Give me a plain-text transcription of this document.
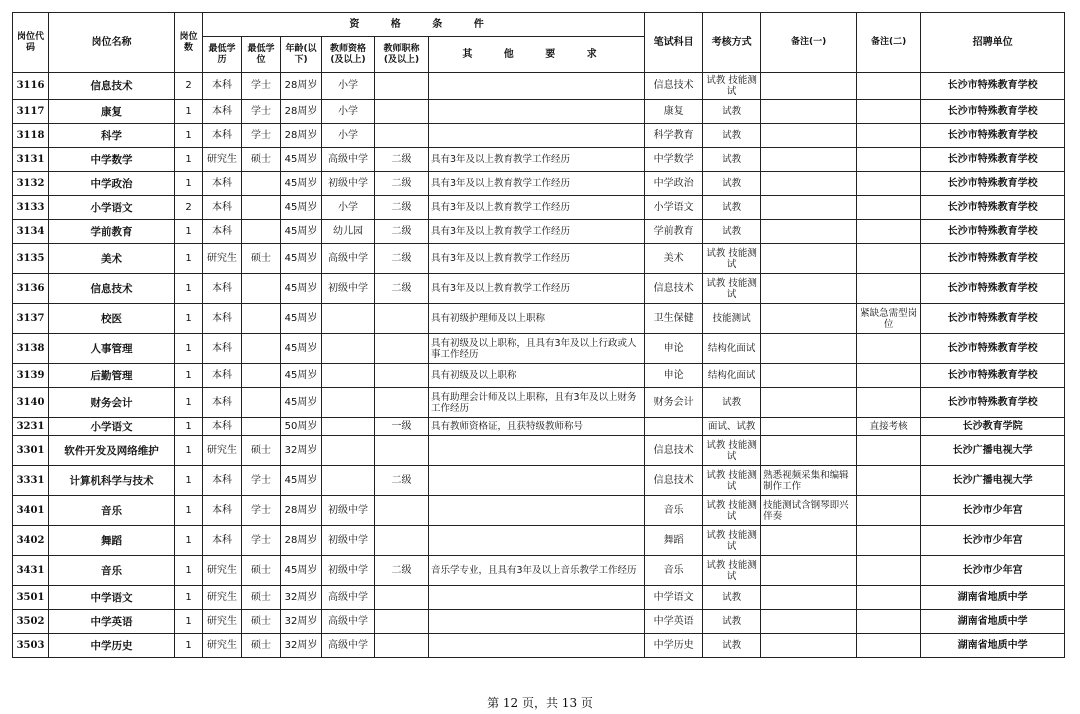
岗位代码	岗位名称	岗位数	资 格 条 件						笔试科目	考核方式	备注(一)	备注(二)	招聘单位
			最低学历	最低学位	年龄(以下)	教师资格(及以上)	教师职称(及以上)	其 他 要 求					
3116	信息技术	2	本科	学士	28周岁	小学			信息技术	试教 技能测试			长沙市特殊教育学校
3117	康复	1	本科	学士	28周岁	小学			康复	试教			长沙市特殊教育学校
3118	科学	1	本科	学士	28周岁	小学			科学教育	试教			长沙市特殊教育学校
3131	中学数学	1	研究生	硕士	45周岁	高级中学	二级	具有3年及以上教育教学工作经历	中学数学	试教			长沙市特殊教育学校
3132	中学政治	1	本科		45周岁	初级中学	二级	具有3年及以上教育教学工作经历	中学政治	试教			长沙市特殊教育学校
3133	小学语文	2	本科		45周岁	小学	二级	具有3年及以上教育教学工作经历	小学语文	试教			长沙市特殊教育学校
3134	学前教育	1	本科		45周岁	幼儿园	二级	具有3年及以上教育教学工作经历	学前教育	试教			长沙市特殊教育学校
3135	美术	1	研究生	硕士	45周岁	高级中学	二级	具有3年及以上教育教学工作经历	美术	试教 技能测试			长沙市特殊教育学校
3136	信息技术	1	本科		45周岁	初级中学	二级	具有3年及以上教育教学工作经历	信息技术	试教 技能测试			长沙市特殊教育学校
3137	校医	1	本科		45周岁			具有初级护理师及以上职称	卫生保健	技能测试		紧缺急需型岗位	长沙市特殊教育学校
3138	人事管理	1	本科		45周岁			具有初级及以上职称，且具有3年及以上行政或人事工作经历	申论	结构化面试			长沙市特殊教育学校
3139	后勤管理	1	本科		45周岁			具有初级及以上职称	申论	结构化面试			长沙市特殊教育学校
3140	财务会计	1	本科		45周岁			具有助理会计师及以上职称，且有3年及以上财务工作经历	财务会计	试教			长沙市特殊教育学校
3231	小学语文	1	本科		50周岁		一级	具有教师资格证，且获特级教师称号		面试、试教		直接考核	长沙教育学院
3301	软件开发及网络维护	1	研究生	硕士	32周岁				信息技术	试教 技能测试			长沙广播电视大学
3331	计算机科学与技术	1	本科	学士	45周岁		二级		信息技术	试教 技能测试	熟悉视频采集和编辑制作工作		长沙广播电视大学
3401	音乐	1	本科	学士	28周岁	初级中学			音乐	试教 技能测试	技能测试含钢琴即兴伴奏		长沙市少年宫
3402	舞蹈	1	本科	学士	28周岁	初级中学			舞蹈	试教 技能测试			长沙市少年宫
3431	音乐	1	研究生	硕士	45周岁	初级中学	二级	音乐学专业，且具有3年及以上音乐教学工作经历	音乐	试教 技能测试			长沙市少年宫
3501	中学语文	1	研究生	硕士	32周岁	高级中学			中学语文	试教			湖南省地质中学
3502	中学英语	1	研究生	硕士	32周岁	高级中学			中学英语	试教			湖南省地质中学
3503	中学历史	1	研究生	硕士	32周岁	高级中学			中学历史	试教			湖南省地质中学
第 12 页，共 13 页
